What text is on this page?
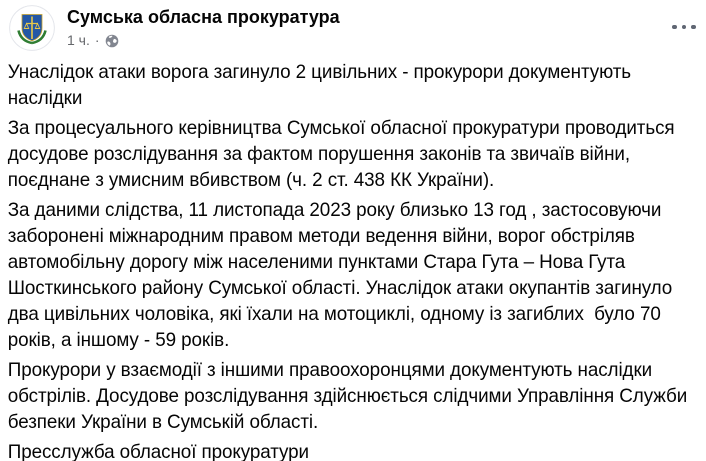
Сумська обласна прокуратура
1 ч. ·

Унаслідок атаки ворога загинуло 2 цивільних - прокурори документують наслідки

За процесуального керівництва Сумської обласної прокуратури проводиться досудове розслідування за фактом порушення законів та звичаїв війни, поєднане з умисним вбивством (ч. 2 ст. 438 КК України).

За даними слідства, 11 листопада 2023 року близько 13 год , застосовуючи заборонені міжнародним правом методи ведення війни, ворог обстріляв автомобільну дорогу між населеними пунктами Стара Гута – Нова Гута Шосткинського району Сумської області. Унаслідок атаки окупантів загинуло два цивільних чоловіка, які їхали на мотоциклі, одному із загиблих  було 70 років, а іншому - 59 років.

Прокурори у взаємодії з іншими правоохоронцями документують наслідки обстрілів. Досудове розслідування здійснюється слідчими Управління Служби безпеки України в Сумській області.

Пресслужба обласної прокуратури
